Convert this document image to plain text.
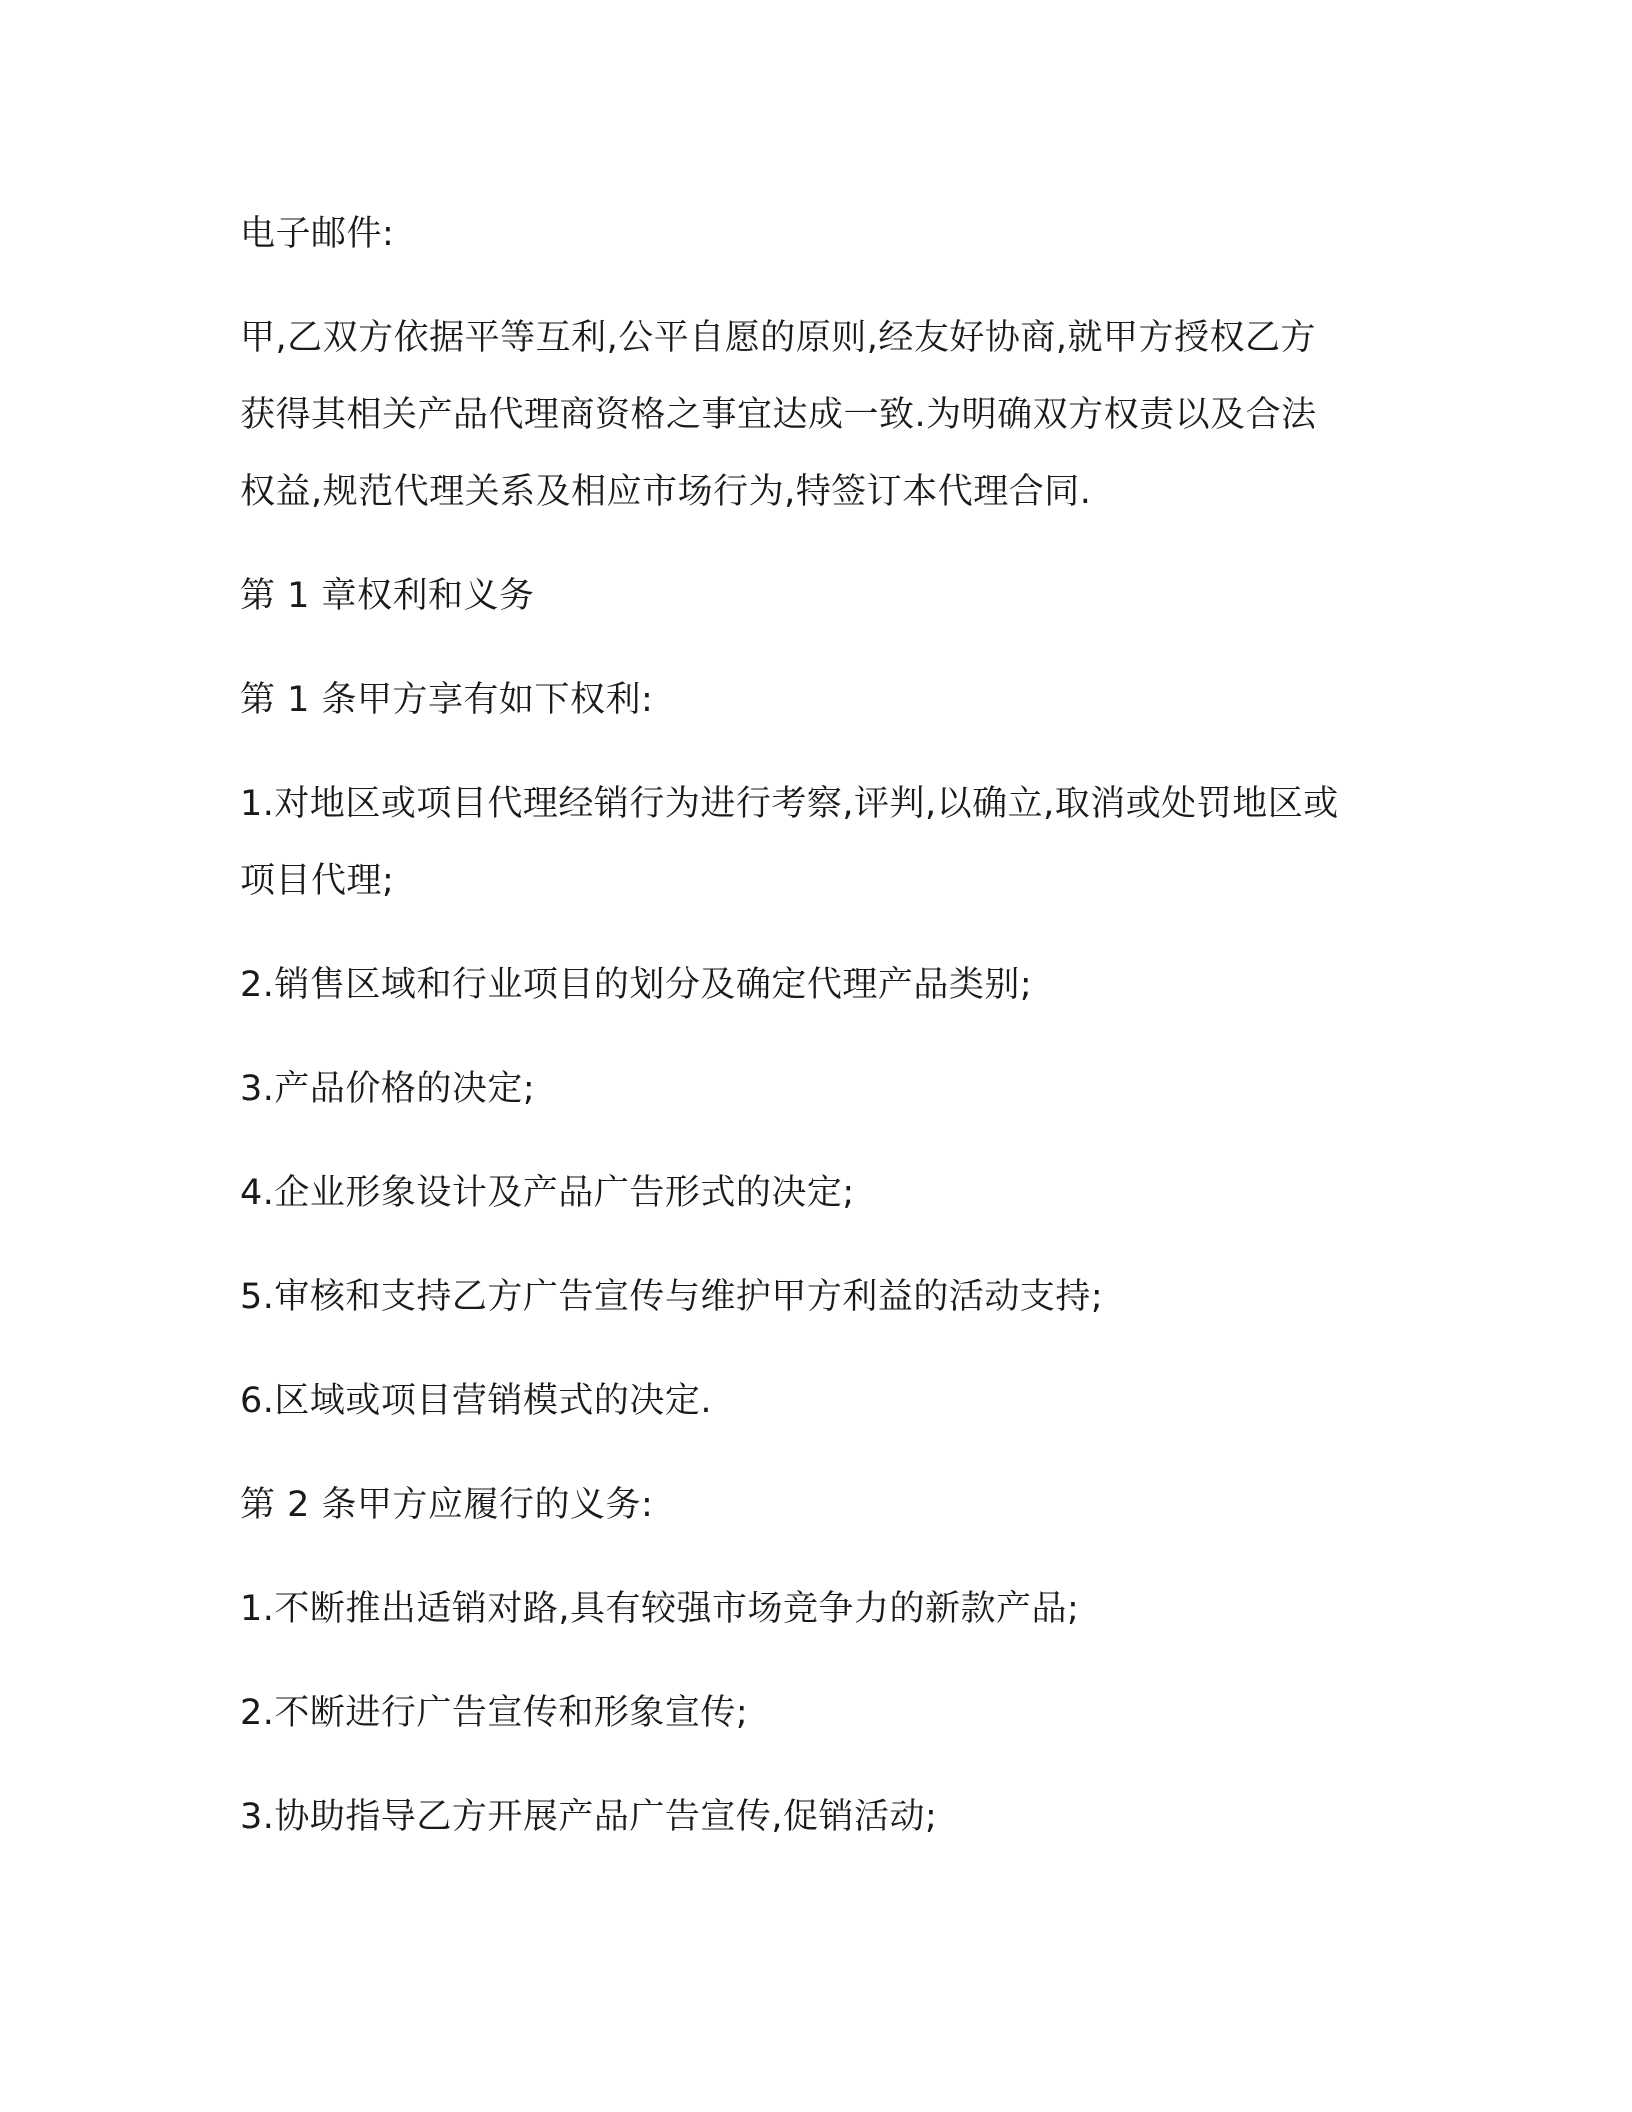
电子邮件:

甲,乙双方依据平等互利,公平自愿的原则,经友好协商,就甲方授权乙方
获得其相关产品代理商资格之事宜达成一致.为明确双方权责以及合法
权益,规范代理关系及相应市场行为,特签订本代理合同.

第 1 章权利和义务

第 1 条甲方享有如下权利:

1.对地区或项目代理经销行为进行考察,评判,以确立,取消或处罚地区或
项目代理;

2.销售区域和行业项目的划分及确定代理产品类别;

3.产品价格的决定;

4.企业形象设计及产品广告形式的决定;

5.审核和支持乙方广告宣传与维护甲方利益的活动支持;

6.区域或项目营销模式的决定.

第 2 条甲方应履行的义务:

1.不断推出适销对路,具有较强市场竞争力的新款产品;

2.不断进行广告宣传和形象宣传;

3.协助指导乙方开展产品广告宣传,促销活动;
